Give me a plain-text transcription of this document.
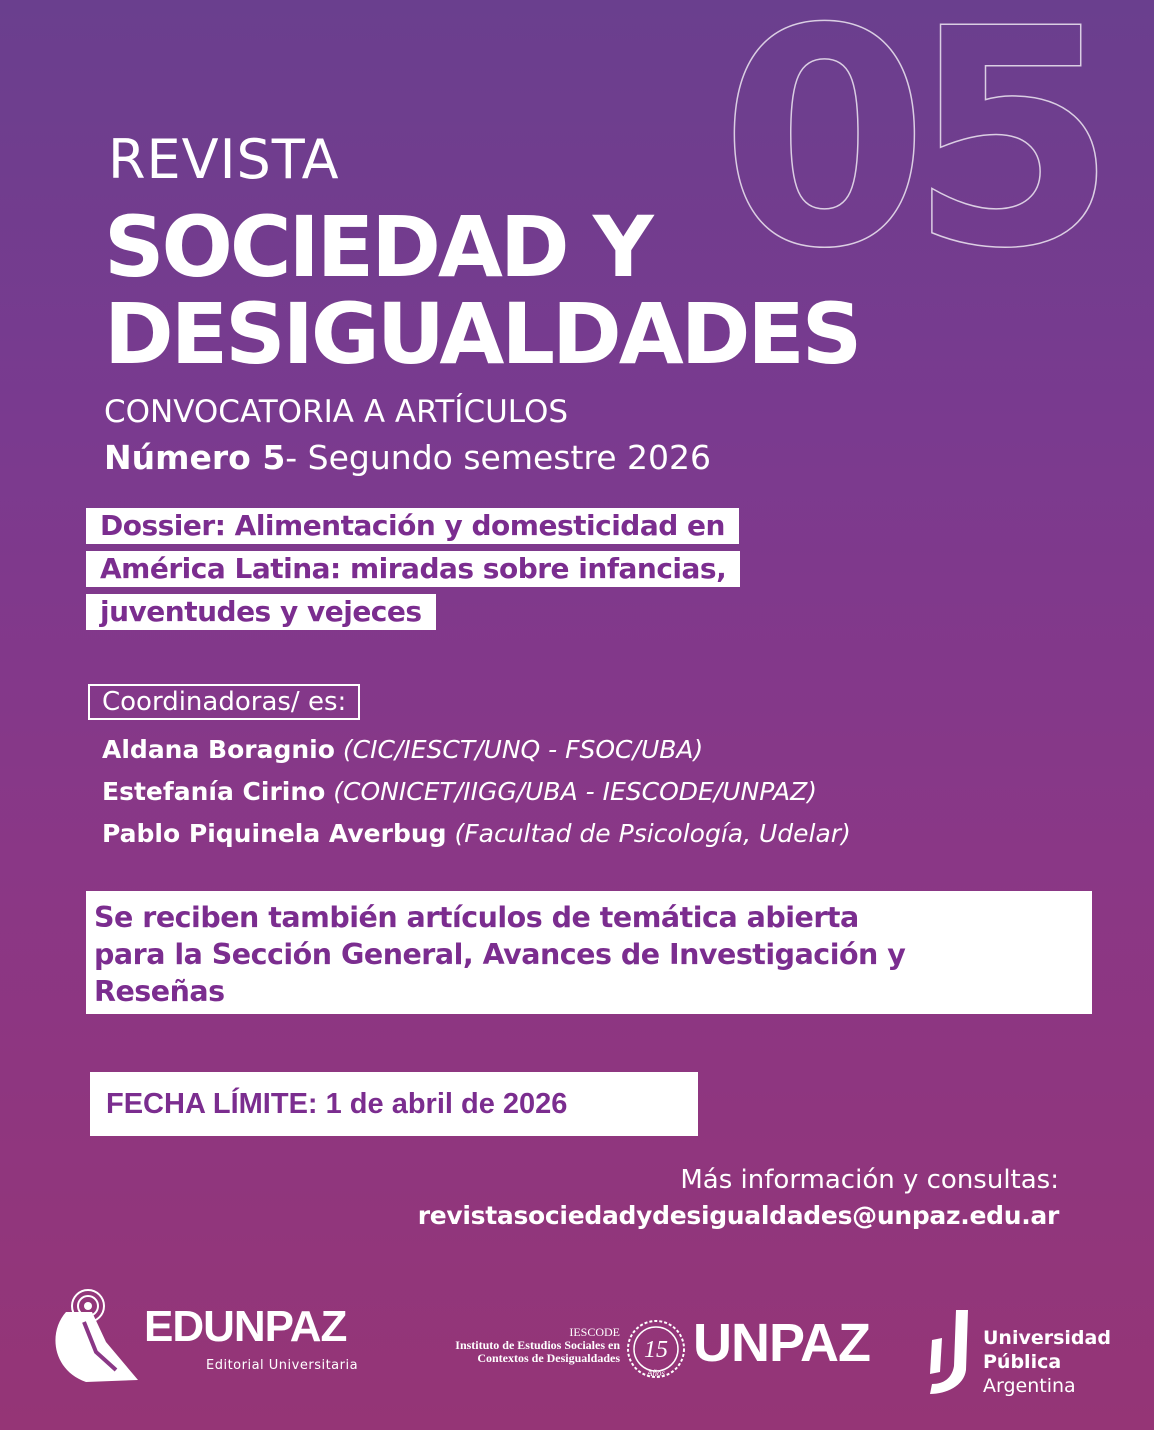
05
REVISTA
SOCIEDAD Y
DESIGUALDADES
CONVOCATORIA A ARTÍCULOS
Número 5- Segundo semestre 2026
Dossier: Alimentación y domesticidad en
América Latina: miradas sobre infancias,
juventudes y vejeces
Coordinadoras/ es:
Aldana Boragnio (CIC/IESCT/UNQ - FSOC/UBA)
Estefanía Cirino (CONICET/IIGG/UBA - IESCODE/UNPAZ)
Pablo Piquinela Averbug (Facultad de Psicología, Udelar)
Se reciben también artículos de temática abierta
para la Sección General, Avances de Investigación y
Reseñas
FECHA LÍMITE: 1 de abril de 2026
Más información y consultas:
revistasociedadydesigualdades@unpaz.edu.ar
EDUNPAZ
Editorial Universitaria
IESCODE
Instituto de Estudios Sociales en
Contextos de Desigualdades 15
Años UNPAZ	Universidad
Pública
Argentina
